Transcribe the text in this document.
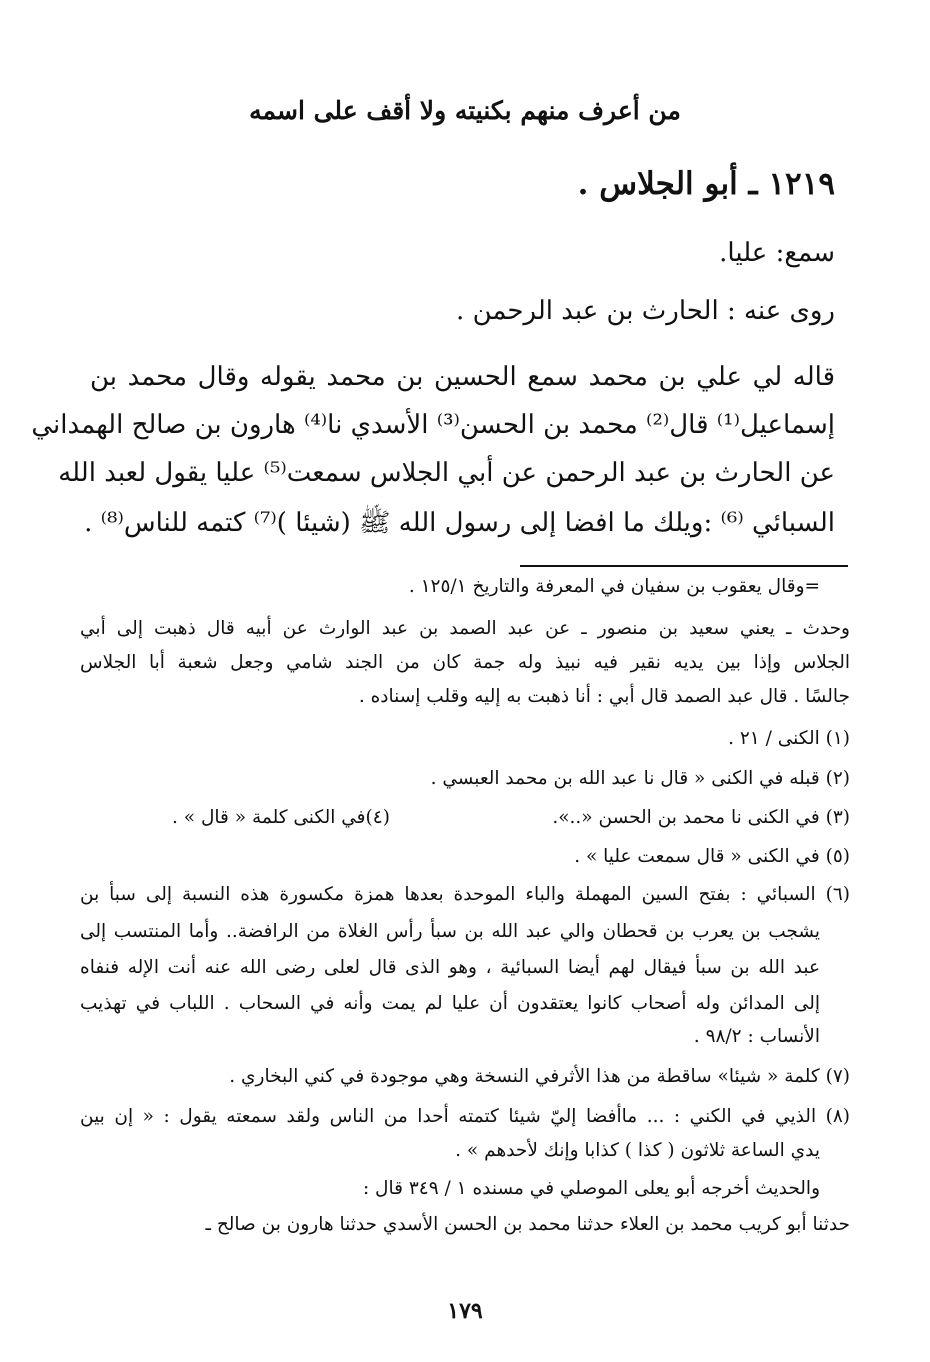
من أعرف منهم بكنيته ولا أقف على اسمه
١٢١٩ ـ أبو الجلاس .
سمع: عليا.
روى عنه : الحارث بن عبد الرحمن .
قاله لي علي بن محمد سمع الحسين بن محمد يقوله وقال محمد بن
إسماعيل⁽¹⁾ قال⁽²⁾ محمد بن الحسن⁽³⁾ الأسدي نا⁽⁴⁾ هارون بن صالح الهمداني
عن الحارث بن عبد الرحمن عن أبي الجلاس سمعت⁽⁵⁾ عليا يقول لعبد الله
السبائي ⁽⁶⁾ :ويلك ما افضا إلى رسول الله ﷺ (شيئا )⁽⁷⁾ كتمه للناس⁽⁸⁾ .
=وقال يعقوب بن سفيان في المعرفة والتاريخ ١٢٥/١ .
وحدث ـ يعني سعيد بن منصور ـ عن عبد الصمد بن عبد الوارث عن أبيه قال ذهبت إلى أبي
الجلاس وإذا بين يديه نقير فيه نبيذ وله جمة كان من الجند شامي وجعل شعبة أبا الجلاس
جالسًا . قال عبد الصمد قال أبي : أنا ذهبت به إليه وقلب إسناده .
(١) الكنى / ٢١ .
(٢) قبله في الكنى « قال نا عبد الله بن محمد العبسي .
(٣) في الكنى نا محمد بن الحسن «..».
(٤)في الكنى كلمة « قال » .
(٥) في الكنى « قال سمعت عليا » .
(٦) السبائي : بفتح السين المهملة والباء الموحدة بعدها همزة مكسورة هذه النسبة إلى سبأ بن
يشجب بن يعرب بن قحطان والي عبد الله بن سبأ رأس الغلاة من الرافضة.. وأما المنتسب إلى
عبد الله بن سبأ فيقال لهم أيضا السبائية ، وهو الذى قال لعلى رضى الله عنه أنت الإله فنفاه
إلى المدائن وله أصحاب كانوا يعتقدون أن عليا لم يمت وأنه في السحاب . اللباب في تهذيب
الأنساب : ٩٨/٢ .
(٧) كلمة « شيئا» ساقطة من هذا الأثرفي النسخة وهي موجودة في كني البخاري .
(٨) الذيي في الكني : ... ماأفضا إليّ شيئا كتمته أحدا من الناس ولقد سمعته يقول : « إن بين
يدي الساعة ثلاثون ( كذا ) كذابا وإنك لأحدهم » .
والحديث أخرجه أبو يعلى الموصلي في مسنده ١ / ٣٤٩ قال :
حدثنا أبو كريب محمد بن العلاء حدثنا محمد بن الحسن الأسدي حدثنا هارون بن صالح ـ
١٧٩
